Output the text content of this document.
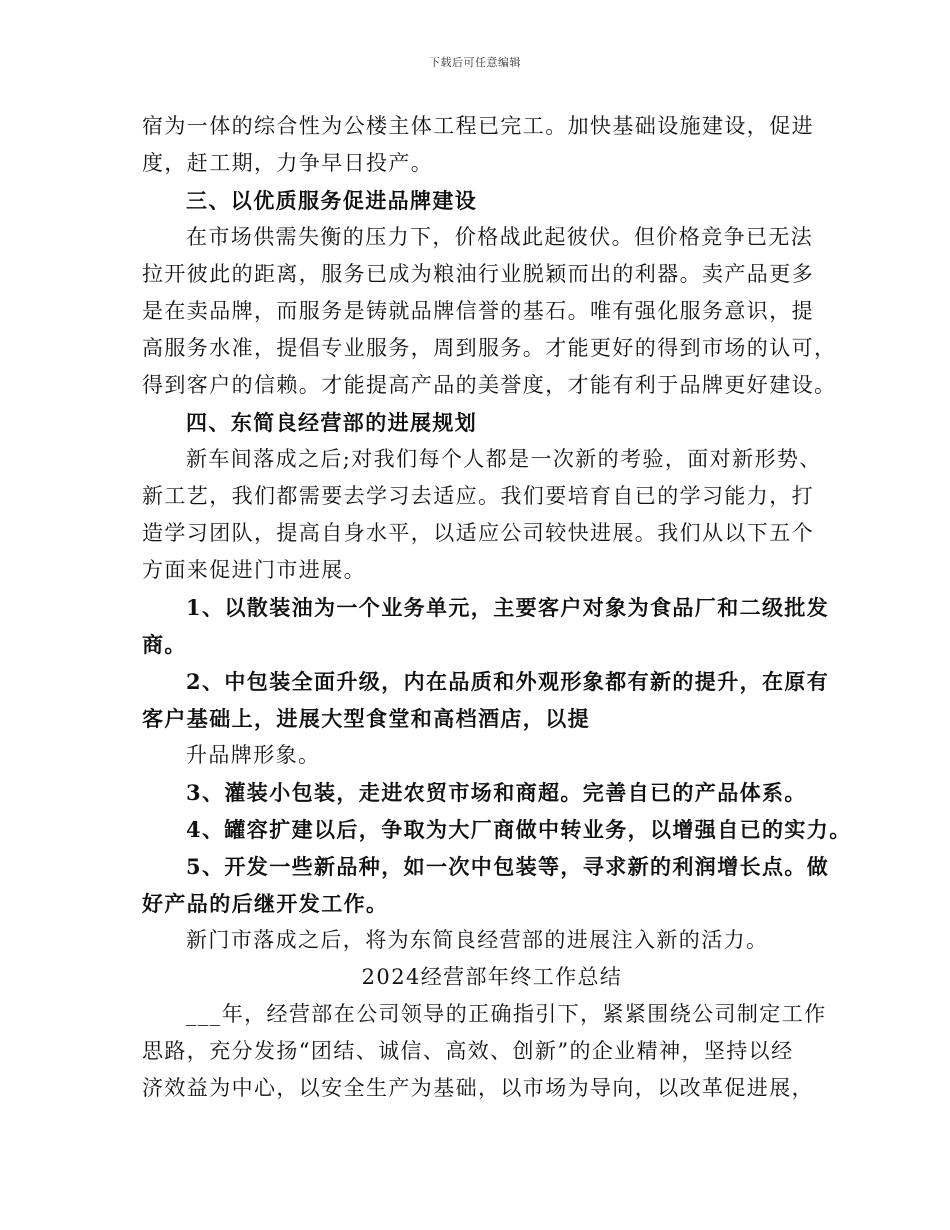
下载后可任意编辑
宿为一体的综合性为公楼主体工程已完工。加快基础设施建设，促进
度，赶工期，力争早日投产。
三、以优质服务促进品牌建设
在市场供需失衡的压力下，价格战此起彼伏。但价格竞争已无法
拉开彼此的距离，服务已成为粮油行业脱颖而出的利器。卖产品更多
是在卖品牌，而服务是铸就品牌信誉的基石。唯有强化服务意识，提
高服务水准，提倡专业服务，周到服务。才能更好的得到市场的认可，
得到客户的信赖。才能提高产品的美誉度，才能有利于品牌更好建设。
四、东简良经营部的进展规划
新车间落成之后;对我们每个人都是一次新的考验，面对新形势、
新工艺，我们都需要去学习去适应。我们要培育自已的学习能力，打
造学习团队，提高自身水平，以适应公司较快进展。我们从以下五个
方面来促进门市进展。
1、以散装油为一个业务单元，主要客户对象为食品厂和二级批发
商。
2、中包装全面升级，内在品质和外观形象都有新的提升，在原有
客户基础上，进展大型食堂和高档酒店，以提
升品牌形象。
3、灌装小包装，走进农贸市场和商超。完善自已的产品体系。
4、罐容扩建以后，争取为大厂商做中转业务，以增强自已的实力。
5、开发一些新品种，如一次中包装等，寻求新的利润增长点。做
好产品的后继开发工作。
新门市落成之后，将为东简良经营部的进展注入新的活力。
2024经营部年终工作总结
___年，经营部在公司领导的正确指引下，紧紧围绕公司制定工作
思路，充分发扬“团结、诚信、高效、创新”的企业精神，坚持以经
济效益为中心，以安全生产为基础，以市场为导向，以改革促进展，
